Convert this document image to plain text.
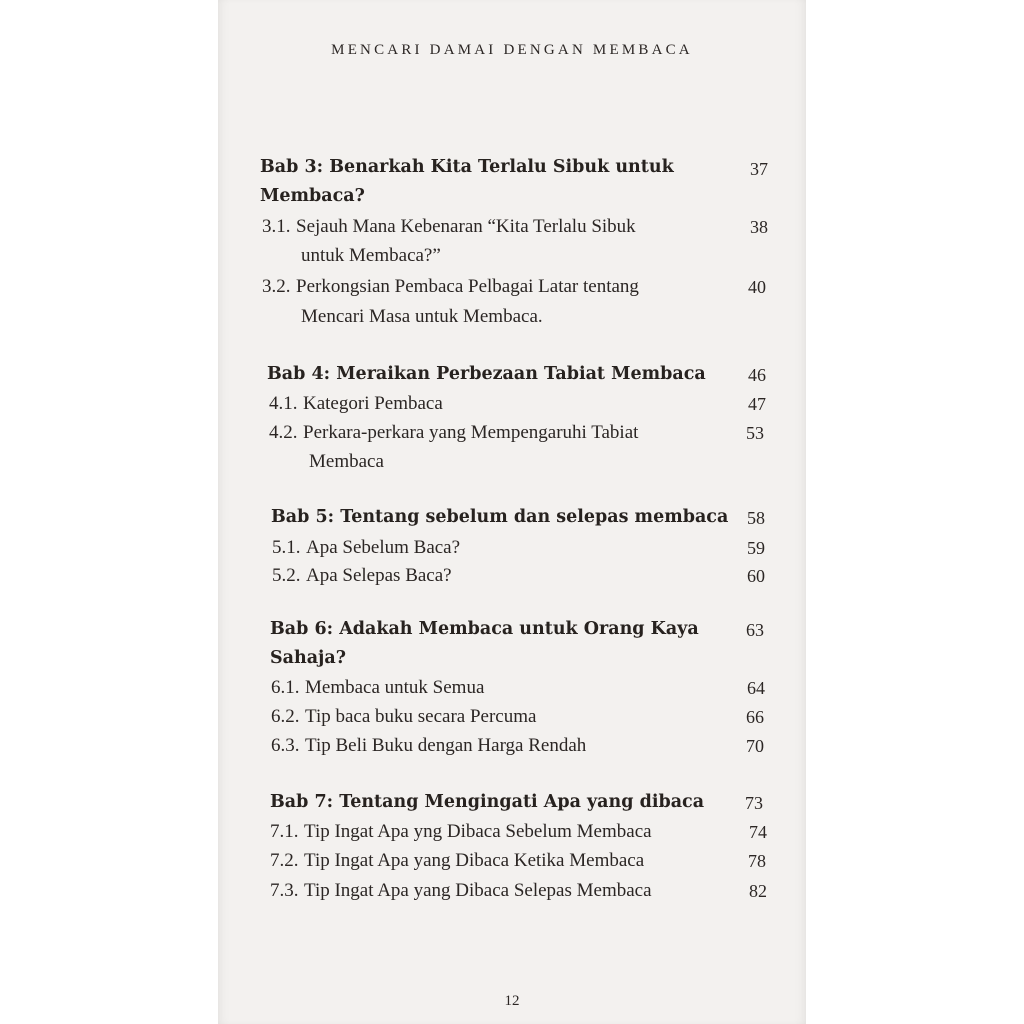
MENCARI DAMAI DENGAN MEMBACA
Bab 3: Benarkah Kita Terlalu Sibuk untuk	37
Membaca?
3.1. Sejauh Mana Kebenaran “Kita Terlalu Sibuk	38
untuk Membaca?”
3.2. Perkongsian Pembaca Pelbagai Latar tentang	40
Mencari Masa untuk Membaca.
Bab 4: Meraikan Perbezaan Tabiat Membaca	46
4.1. Kategori Pembaca	47
4.2. Perkara-perkara yang Mempengaruhi Tabiat	53
Membaca
Bab 5: Tentang sebelum dan selepas membaca	58
5.1. Apa Sebelum Baca?	59
5.2. Apa Selepas Baca?	60
Bab 6: Adakah Membaca untuk Orang Kaya	63
Sahaja?
6.1. Membaca untuk Semua	64
6.2. Tip baca buku secara Percuma	66
6.3. Tip Beli Buku dengan Harga Rendah	70
Bab 7: Tentang Mengingati Apa yang dibaca	73
7.1. Tip Ingat Apa yng Dibaca Sebelum Membaca	74
7.2. Tip Ingat Apa yang Dibaca Ketika Membaca	78
7.3. Tip Ingat Apa yang Dibaca Selepas Membaca	82
12
